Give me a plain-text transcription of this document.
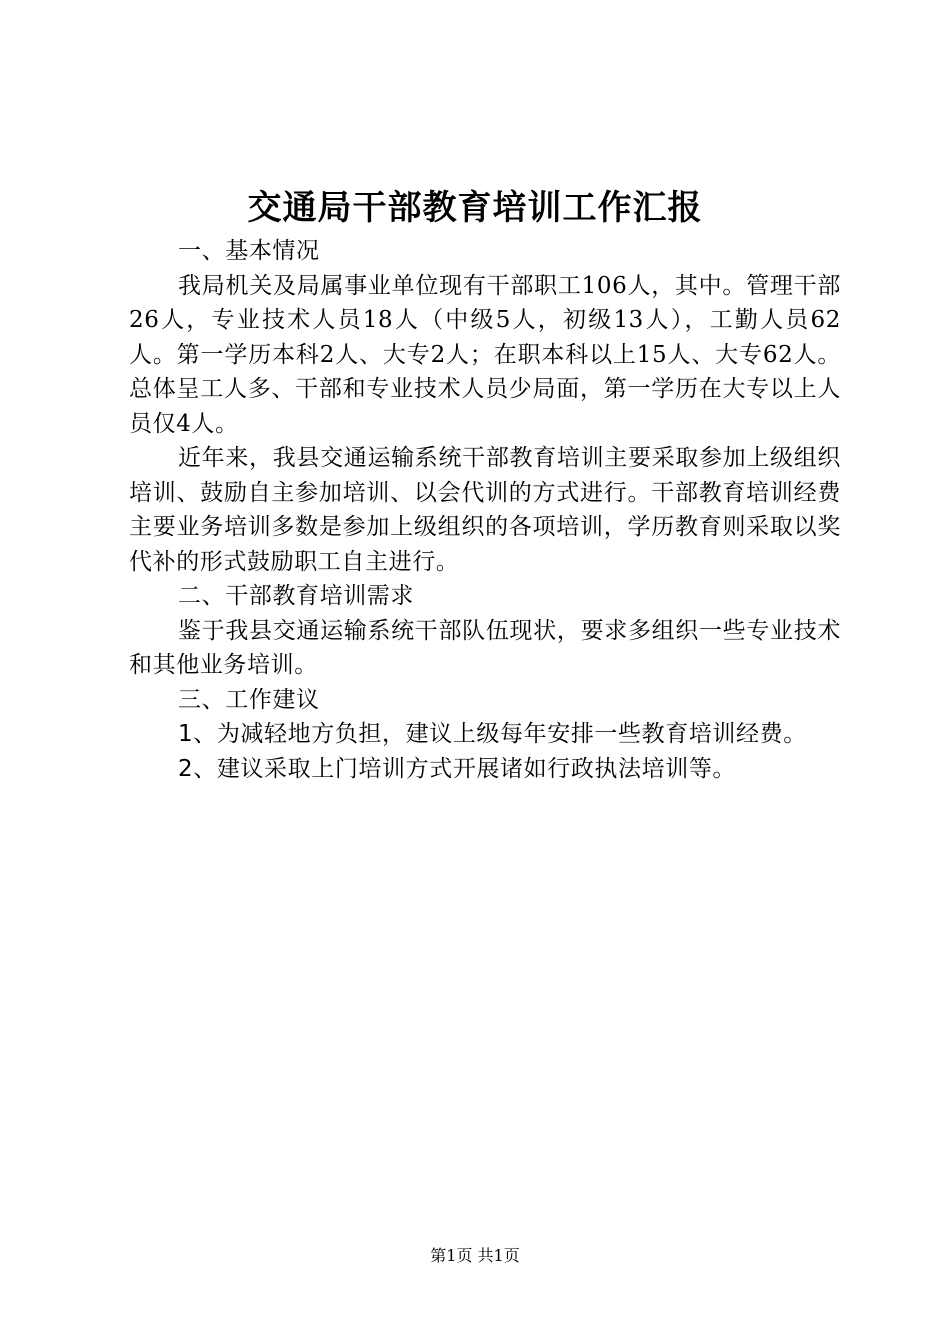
交通局干部教育培训工作汇报

一、基本情况

我局机关及局属事业单位现有干部职工106人，其中。管理干部26人，专业技术人员18人（中级5人，初级13人），工勤人员62人。第一学历本科2人、大专2人；在职本科以上15人、大专62人。总体呈工人多、干部和专业技术人员少局面，第一学历在大专以上人员仅4人。

近年来，我县交通运输系统干部教育培训主要采取参加上级组织培训、鼓励自主参加培训、以会代训的方式进行。干部教育培训经费主要业务培训多数是参加上级组织的各项培训，学历教育则采取以奖代补的形式鼓励职工自主进行。

二、干部教育培训需求

鉴于我县交通运输系统干部队伍现状，要求多组织一些专业技术和其他业务培训。

三、工作建议

1、为减轻地方负担，建议上级每年安排一些教育培训经费。

2、建议采取上门培训方式开展诸如行政执法培训等。

第1页 共1页
